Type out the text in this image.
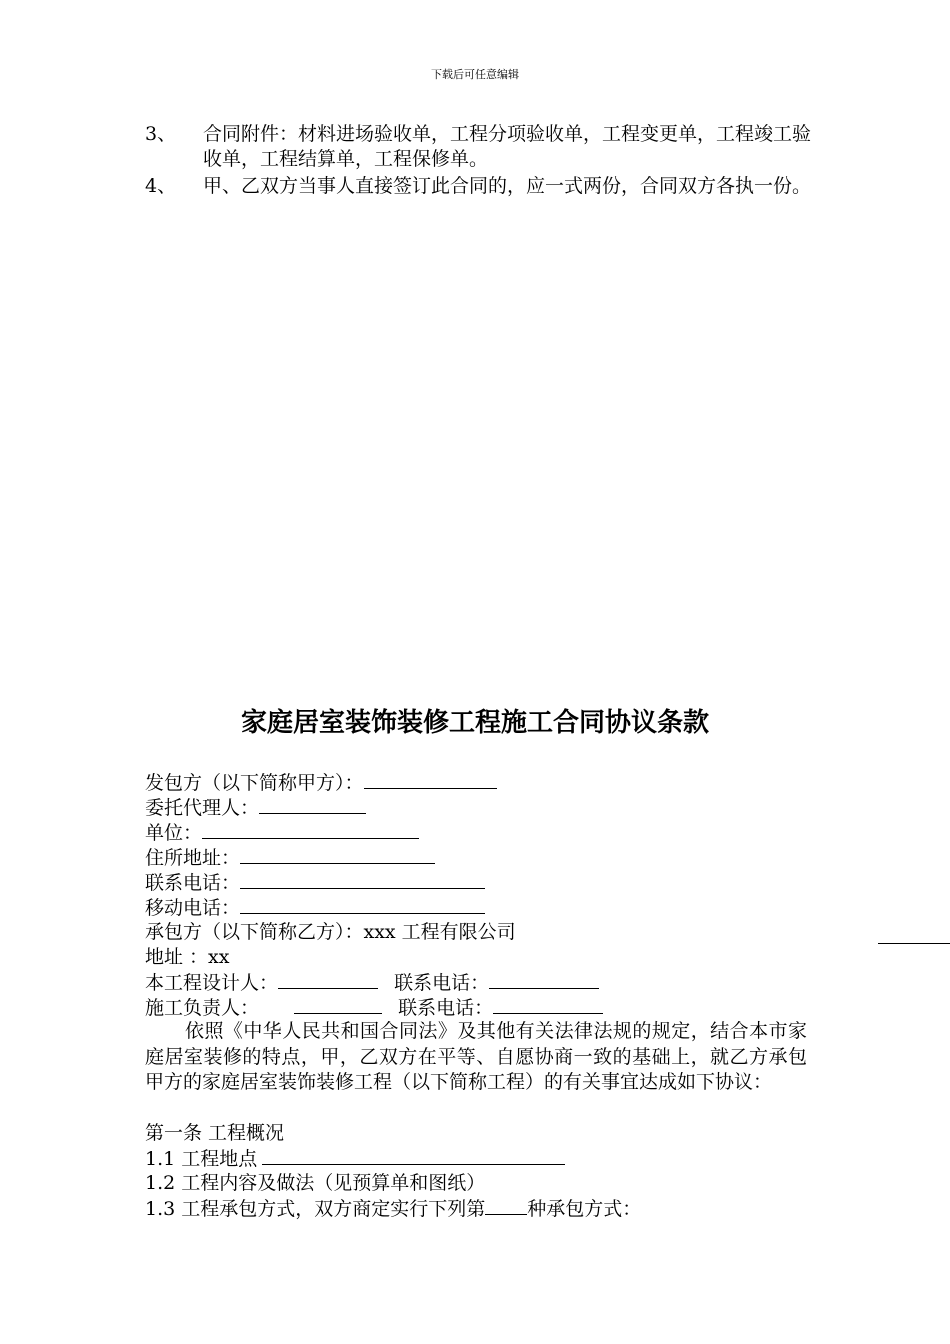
下载后可任意编辑
3、 合同附件：材料进场验收单，工程分项验收单，工程变更单，工程竣工验收单，工程结算单，工程保修单。
4、 甲、乙双方当事人直接签订此合同的，应一式两份，合同双方各执一份。
家庭居室装饰装修工程施工合同协议条款
发包方（以下简称甲方）：
委托代理人：
单位：
住所地址：
联系电话：
移动电话：
承包方（以下简称乙方）：xxx 工程有限公司
地址 ：xx
本工程设计人：	联系电话：
施工负责人：	联系电话：
依照《中华人民共和国合同法》及其他有关法律法规的规定，结合本市家庭居室装修的特点，甲，乙双方在平等、自愿协商一致的基础上，就乙方承包甲方的家庭居室装饰装修工程（以下简称工程）的有关事宜达成如下协议：
第一条 工程概况
1.1 工程地点
1.2 工程内容及做法（见预算单和图纸）
1.3 工程承包方式，双方商定实行下列第 种承包方式：
